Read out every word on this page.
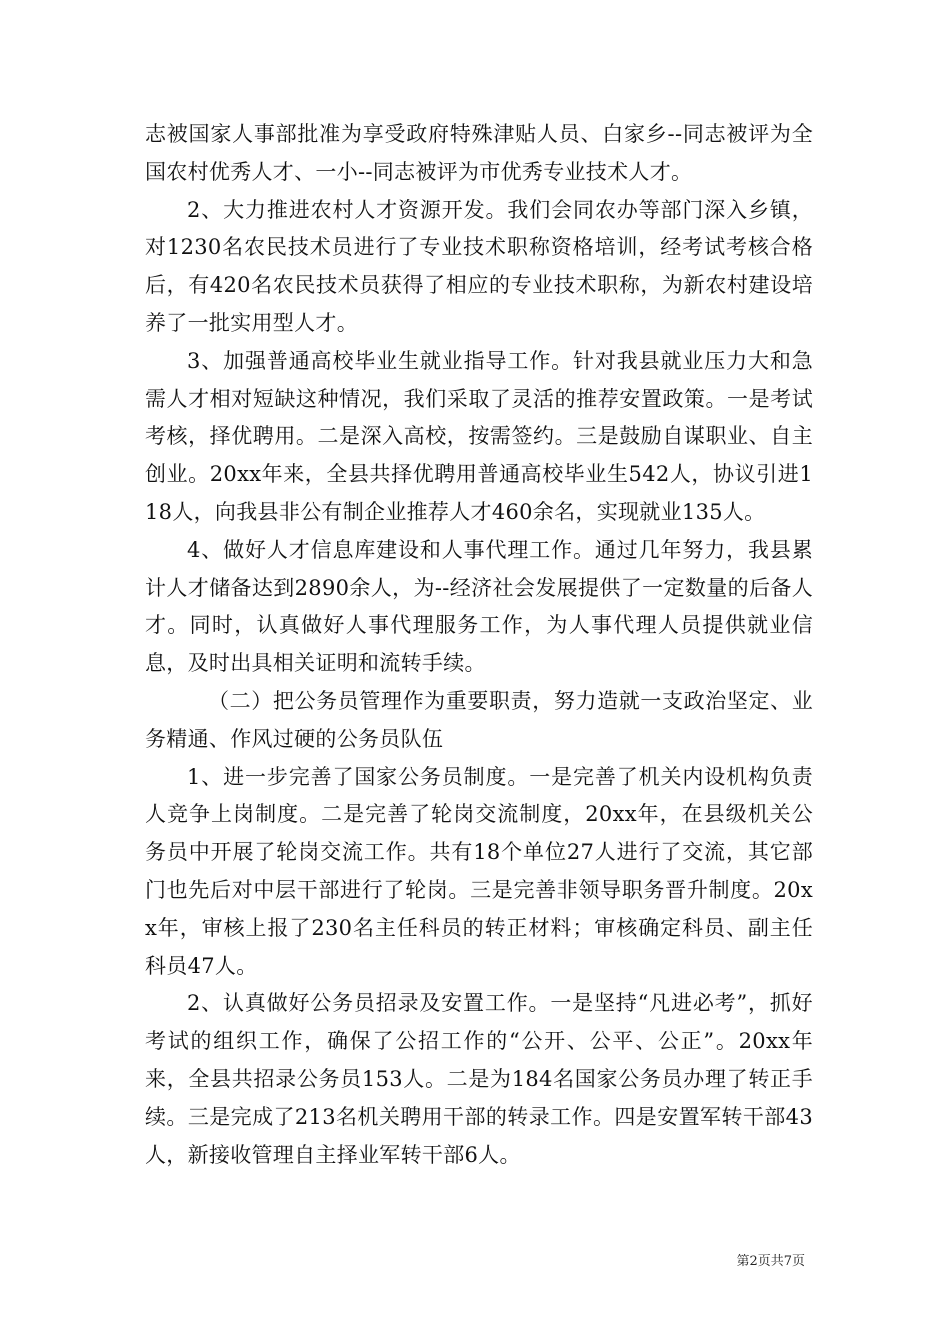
志被国家人事部批准为享受政府特殊津贴人员、白家乡--同志被评为全国农村优秀人才、一小--同志被评为市优秀专业技术人才。

2、大力推进农村人才资源开发。我们会同农办等部门深入乡镇，对1230名农民技术员进行了专业技术职称资格培训，经考试考核合格后，有420名农民技术员获得了相应的专业技术职称，为新农村建设培养了一批实用型人才。

3、加强普通高校毕业生就业指导工作。针对我县就业压力大和急需人才相对短缺这种情况，我们采取了灵活的推荐安置政策。一是考试考核，择优聘用。二是深入高校，按需签约。三是鼓励自谋职业、自主创业。20xx年来，全县共择优聘用普通高校毕业生542人，协议引进118人，向我县非公有制企业推荐人才460余名，实现就业135人。

4、做好人才信息库建设和人事代理工作。通过几年努力，我县累计人才储备达到2890余人，为--经济社会发展提供了一定数量的后备人才。同时，认真做好人事代理服务工作，为人事代理人员提供就业信息，及时出具相关证明和流转手续。

（二）把公务员管理作为重要职责，努力造就一支政治坚定、业务精通、作风过硬的公务员队伍

1、进一步完善了国家公务员制度。一是完善了机关内设机构负责人竞争上岗制度。二是完善了轮岗交流制度，20xx年，在县级机关公务员中开展了轮岗交流工作。共有18个单位27人进行了交流，其它部门也先后对中层干部进行了轮岗。三是完善非领导职务晋升制度。20xx年，审核上报了230名主任科员的转正材料；审核确定科员、副主任科员47人。

2、认真做好公务员招录及安置工作。一是坚持“凡进必考”，抓好考试的组织工作，确保了公招工作的“公开、公平、公正”。20xx年来，全县共招录公务员153人。二是为184名国家公务员办理了转正手续。三是完成了213名机关聘用干部的转录工作。四是安置军转干部43人，新接收管理自主择业军转干部6人。

第2页共7页
